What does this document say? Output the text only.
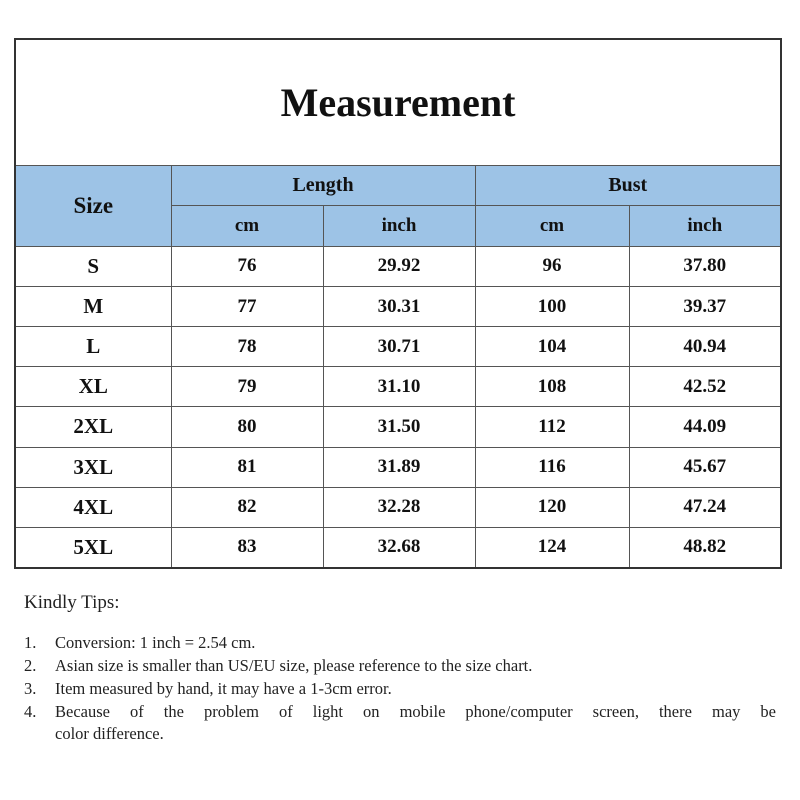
Measurement				
Size	Length		Bust	
	cm	inch	cm	inch
S	76	29.92	96	37.80
M	77	30.31	100	39.37
L	78	30.71	104	40.94
XL	79	31.10	108	42.52
2XL	80	31.50	112	44.09
3XL	81	31.89	116	45.67
4XL	82	32.28	120	47.24
5XL	83	32.68	124	48.82

Kindly Tips:

1. Conversion: 1 inch = 2.54 cm.
2. Asian size is smaller than US/EU size, please reference to the size chart.
3. Item measured by hand, it may have a 1-3cm error.
4. Because of the problem of light on mobile phone/computer screen, there may be
color difference.
